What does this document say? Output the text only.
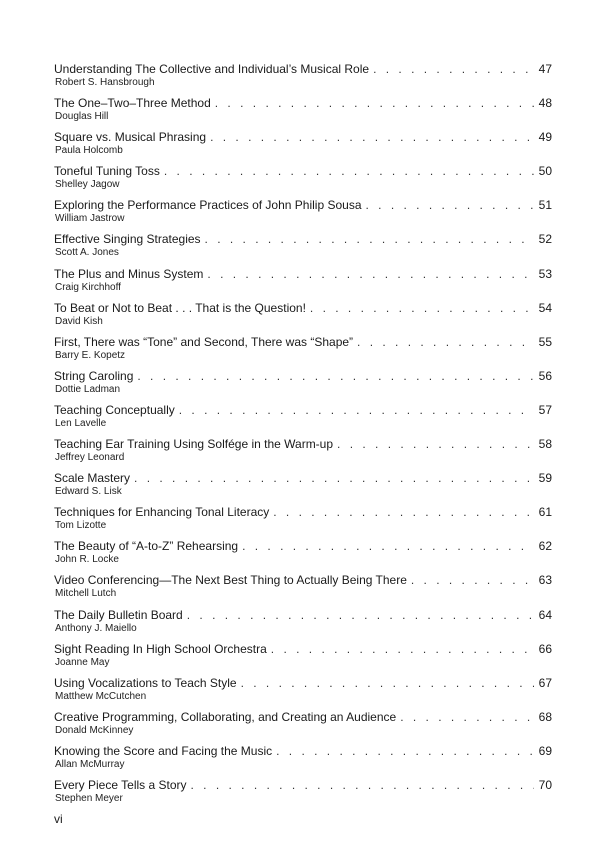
Understanding The Collective and Individual’s Musical Role . . .	47
Robert S. Hansbrough
The One–Two–Three Method . . .	48
Douglas Hill
Square vs. Musical Phrasing . . .	49
Paula Holcomb
Toneful Tuning Toss . . .	50
Shelley Jagow
Exploring the Performance Practices of John Philip Sousa . . .	51
William Jastrow
Effective Singing Strategies . . .	52
Scott A. Jones
The Plus and Minus System . . .	53
Craig Kirchhoff
To Beat or Not to Beat . . . That is the Question! . . .	54
David Kish
First, There was “Tone” and Second, There was “Shape” . . .	55
Barry E. Kopetz
String Caroling . . .	56
Dottie Ladman
Teaching Conceptually . . .	57
Len Lavelle
Teaching Ear Training Using Solfége in the Warm-up . . .	58
Jeffrey Leonard
Scale Mastery . . .	59
Edward S. Lisk
Techniques for Enhancing Tonal Literacy . . .	61
Tom Lizotte
The Beauty of “A-to-Z” Rehearsing . . .	62
John R. Locke
Video Conferencing—The Next Best Thing to Actually Being There . . .	63
Mitchell Lutch
The Daily Bulletin Board . . .	64
Anthony J. Maiello
Sight Reading In High School Orchestra . . .	66
Joanne May
Using Vocalizations to Teach Style . . .	67
Matthew McCutchen
Creative Programming, Collaborating, and Creating an Audience . . .	68
Donald McKinney
Knowing the Score and Facing the Music . . .	69
Allan McMurray
Every Piece Tells a Story . . .	70
Stephen Meyer
vi
